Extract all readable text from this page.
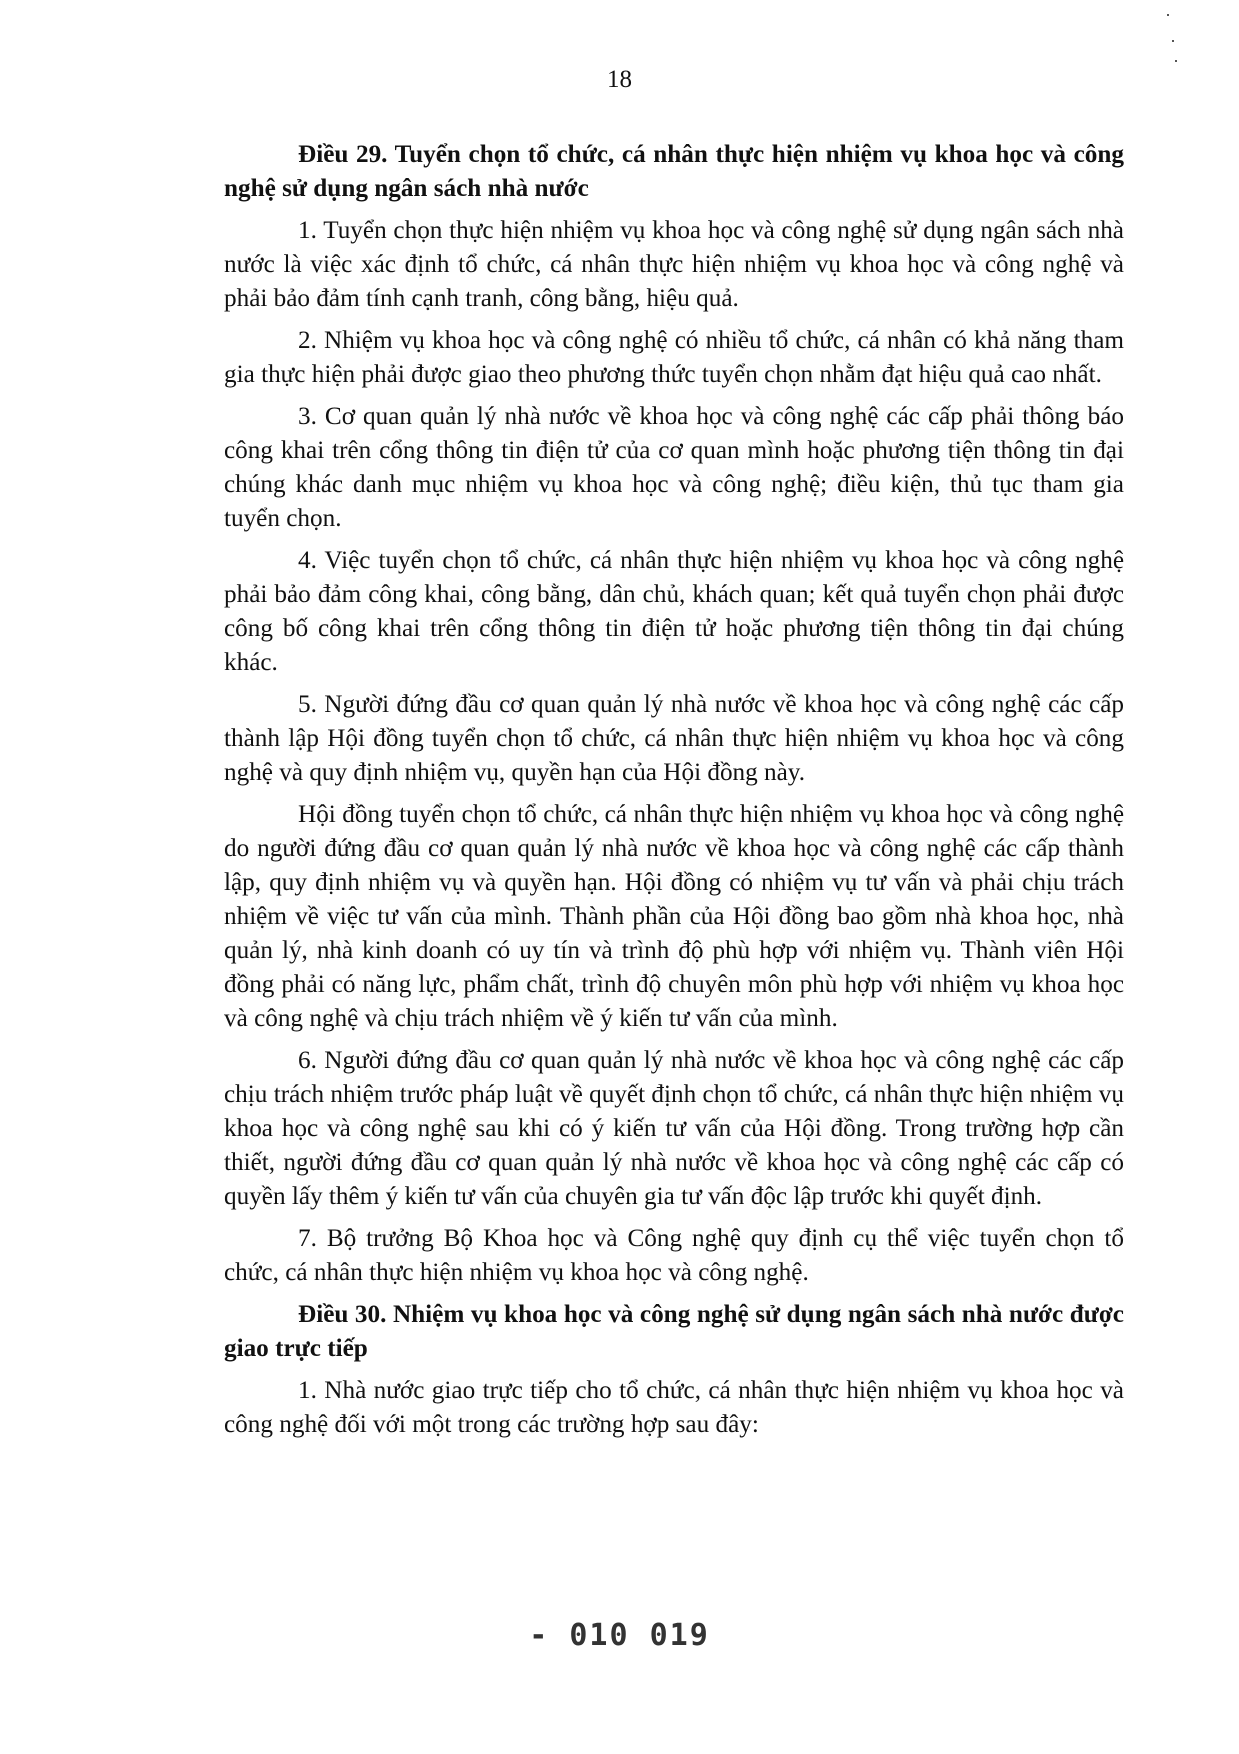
18
Điều 29. Tuyển chọn tổ chức, cá nhân thực hiện nhiệm vụ khoa học và công nghệ sử dụng ngân sách nhà nước

1. Tuyển chọn thực hiện nhiệm vụ khoa học và công nghệ sử dụng ngân sách nhà nước là việc xác định tổ chức, cá nhân thực hiện nhiệm vụ khoa học và công nghệ và phải bảo đảm tính cạnh tranh, công bằng, hiệu quả.

2. Nhiệm vụ khoa học và công nghệ có nhiều tổ chức, cá nhân có khả năng tham gia thực hiện phải được giao theo phương thức tuyển chọn nhằm đạt hiệu quả cao nhất.

3. Cơ quan quản lý nhà nước về khoa học và công nghệ các cấp phải thông báo công khai trên cổng thông tin điện tử của cơ quan mình hoặc phương tiện thông tin đại chúng khác danh mục nhiệm vụ khoa học và công nghệ; điều kiện, thủ tục tham gia tuyển chọn.

4. Việc tuyển chọn tổ chức, cá nhân thực hiện nhiệm vụ khoa học và công nghệ phải bảo đảm công khai, công bằng, dân chủ, khách quan; kết quả tuyển chọn phải được công bố công khai trên cổng thông tin điện tử hoặc phương tiện thông tin đại chúng khác.

5. Người đứng đầu cơ quan quản lý nhà nước về khoa học và công nghệ các cấp thành lập Hội đồng tuyển chọn tổ chức, cá nhân thực hiện nhiệm vụ khoa học và công nghệ và quy định nhiệm vụ, quyền hạn của Hội đồng này.

Hội đồng tuyển chọn tổ chức, cá nhân thực hiện nhiệm vụ khoa học và công nghệ do người đứng đầu cơ quan quản lý nhà nước về khoa học và công nghệ các cấp thành lập, quy định nhiệm vụ và quyền hạn. Hội đồng có nhiệm vụ tư vấn và phải chịu trách nhiệm về việc tư vấn của mình. Thành phần của Hội đồng bao gồm nhà khoa học, nhà quản lý, nhà kinh doanh có uy tín và trình độ phù hợp với nhiệm vụ. Thành viên Hội đồng phải có năng lực, phẩm chất, trình độ chuyên môn phù hợp với nhiệm vụ khoa học và công nghệ và chịu trách nhiệm về ý kiến tư vấn của mình.

6. Người đứng đầu cơ quan quản lý nhà nước về khoa học và công nghệ các cấp chịu trách nhiệm trước pháp luật về quyết định chọn tổ chức, cá nhân thực hiện nhiệm vụ khoa học và công nghệ sau khi có ý kiến tư vấn của Hội đồng. Trong trường hợp cần thiết, người đứng đầu cơ quan quản lý nhà nước về khoa học và công nghệ các cấp có quyền lấy thêm ý kiến tư vấn của chuyên gia tư vấn độc lập trước khi quyết định.

7. Bộ trưởng Bộ Khoa học và Công nghệ quy định cụ thể việc tuyển chọn tổ chức, cá nhân thực hiện nhiệm vụ khoa học và công nghệ.

Điều 30. Nhiệm vụ khoa học và công nghệ sử dụng ngân sách nhà nước được giao trực tiếp

1. Nhà nước giao trực tiếp cho tổ chức, cá nhân thực hiện nhiệm vụ khoa học và công nghệ đối với một trong các trường hợp sau đây:

- 010 019
